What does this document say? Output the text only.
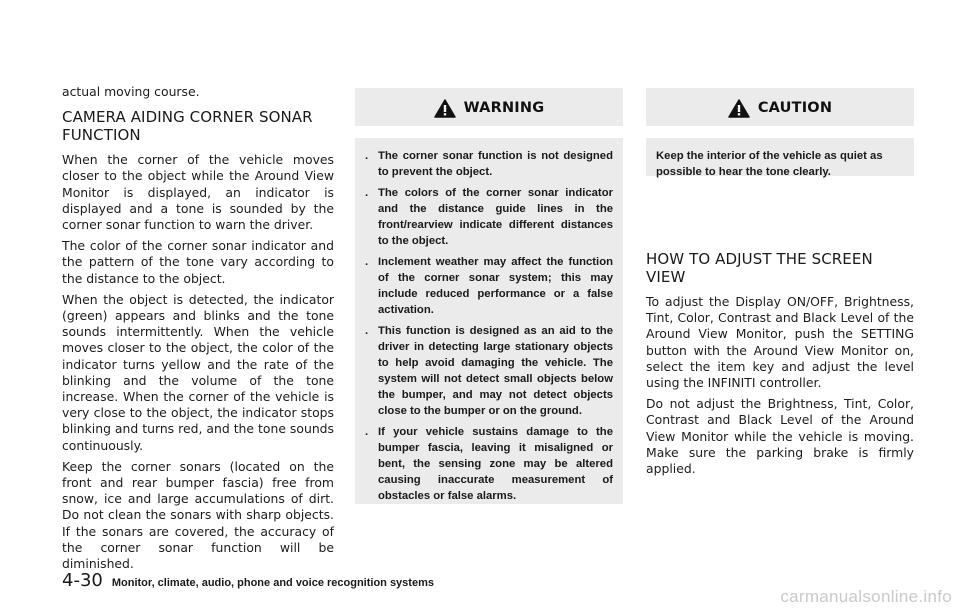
actual moving course.

CAMERA AIDING CORNER SONAR FUNCTION

When the corner of the vehicle moves closer to the object while the Around View Monitor is displayed, an indicator is displayed and a tone is sounded by the corner sonar function to warn the driver.

The color of the corner sonar indicator and the pattern of the tone vary according to the distance to the object.

When the object is detected, the indicator (green) appears and blinks and the tone sounds intermittently. When the vehicle moves closer to the object, the color of the indicator turns yellow and the rate of the blinking and the volume of the tone increase. When the corner of the vehicle is very close to the object, the indicator stops blinking and turns red, and the tone sounds continuously.

Keep the corner sonars (located on the front and rear bumper fascia) free from snow, ice and large accumulations of dirt. Do not clean the sonars with sharp objects. If the sonars are covered, the accuracy of the corner sonar function will be diminished.

WARNING
. The corner sonar function is not designed to prevent the object.
. The colors of the corner sonar indicator and the distance guide lines in the front/rearview indicate different distances to the object.
. Inclement weather may affect the function of the corner sonar system; this may include reduced performance or a false activation.
. This function is designed as an aid to the driver in detecting large stationary objects to help avoid damaging the vehicle. The system will not detect small objects below the bumper, and may not detect objects close to the bumper or on the ground.
. If your vehicle sustains damage to the bumper fascia, leaving it misaligned or bent, the sensing zone may be altered causing inaccurate measurement of obstacles or false alarms.
CAUTION

Keep the interior of the vehicle as quiet as possible to hear the tone clearly.

HOW TO ADJUST THE SCREEN VIEW

To adjust the Display ON/OFF, Brightness, Tint, Color, Contrast and Black Level of the Around View Monitor, push the SETTING button with the Around View Monitor on, select the item key and adjust the level using the INFINITI controller.

Do not adjust the Brightness, Tint, Color, Contrast and Black Level of the Around View Monitor while the vehicle is moving. Make sure the parking brake is firmly applied.

4-30 Monitor, climate, audio, phone and voice recognition systems
carmanualsonline.info
